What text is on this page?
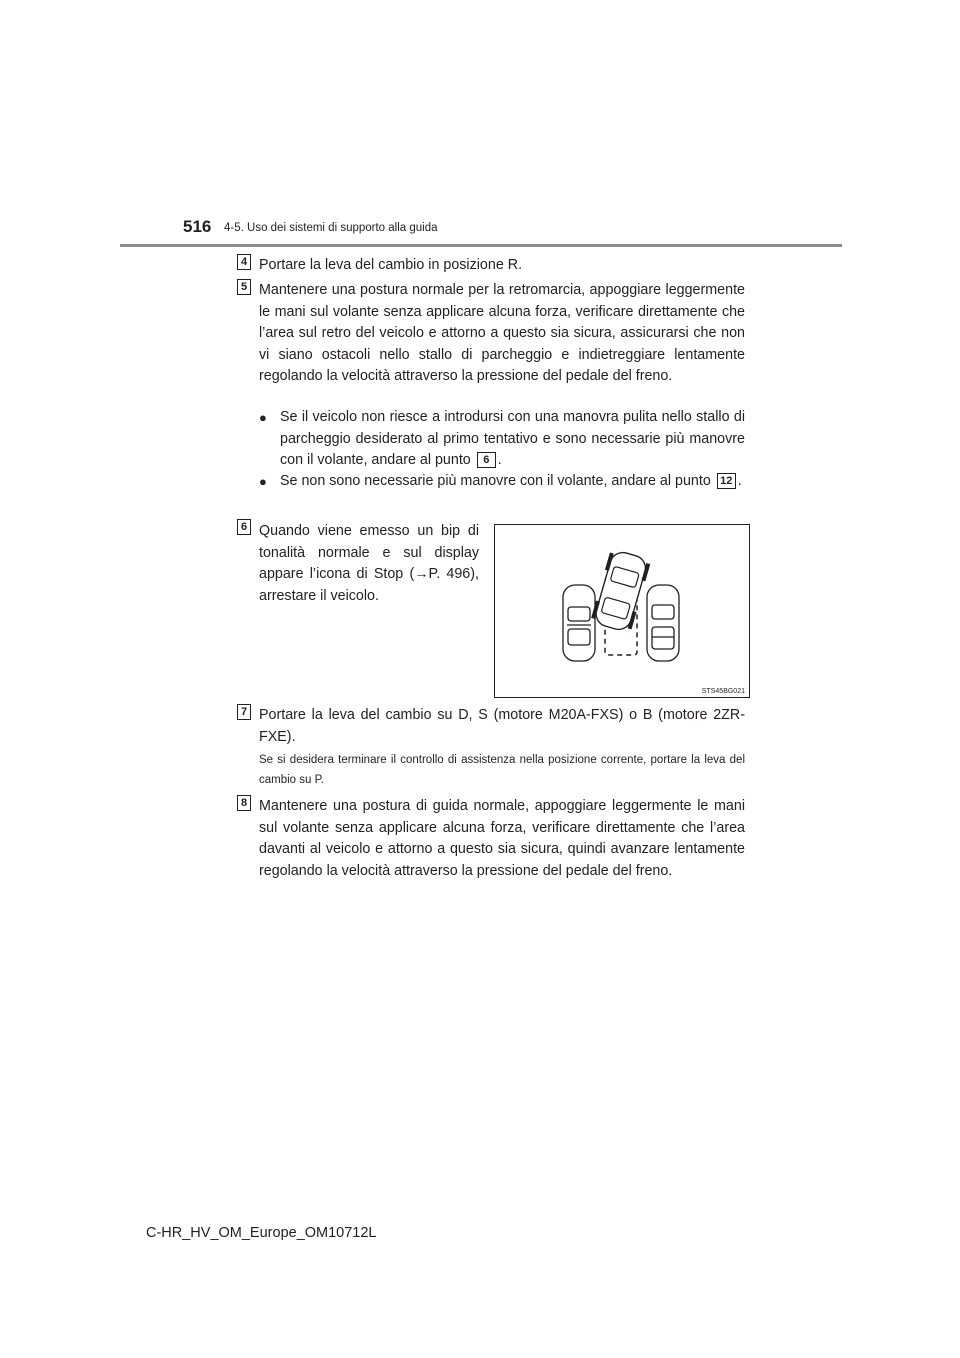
516 4-5. Uso dei sistemi di supporto alla guida
4 Portare la leva del cambio in posizione R.
5 Mantenere una postura normale per la retromarcia, appoggiare leggermente le mani sul volante senza applicare alcuna forza, verificare direttamente che l’area sul retro del veicolo e attorno a questo sia sicura, assicurarsi che non vi siano ostacoli nello stallo di parcheggio e indietreggiare lentamente regolando la velocità attraverso la pressione del pedale del freno.
● Se il veicolo non riesce a introdursi con una manovra pulita nello stallo di parcheggio desiderato al primo tentativo e sono necessarie più manovre con il volante, andare al punto 6 .
● Se non sono necessarie più manovre con il volante, andare al punto 12 .
6 Quando viene emesso un bip di tonalità normale e sul display appare l’icona di Stop (→P. 496), arrestare il veicolo.
STS45BG021
7 Portare la leva del cambio su D, S (motore M20A-FXS) o B (motore 2ZR-FXE).
Se si desidera terminare il controllo di assistenza nella posizione corrente, portare la leva del cambio su P.
8 Mantenere una postura di guida normale, appoggiare leggermente le mani sul volante senza applicare alcuna forza, verificare direttamente che l’area davanti al veicolo e attorno a questo sia sicura, quindi avanzare lentamente regolando la velocità attraverso la pressione del pedale del freno.
C-HR_HV_OM_Europe_OM10712L
